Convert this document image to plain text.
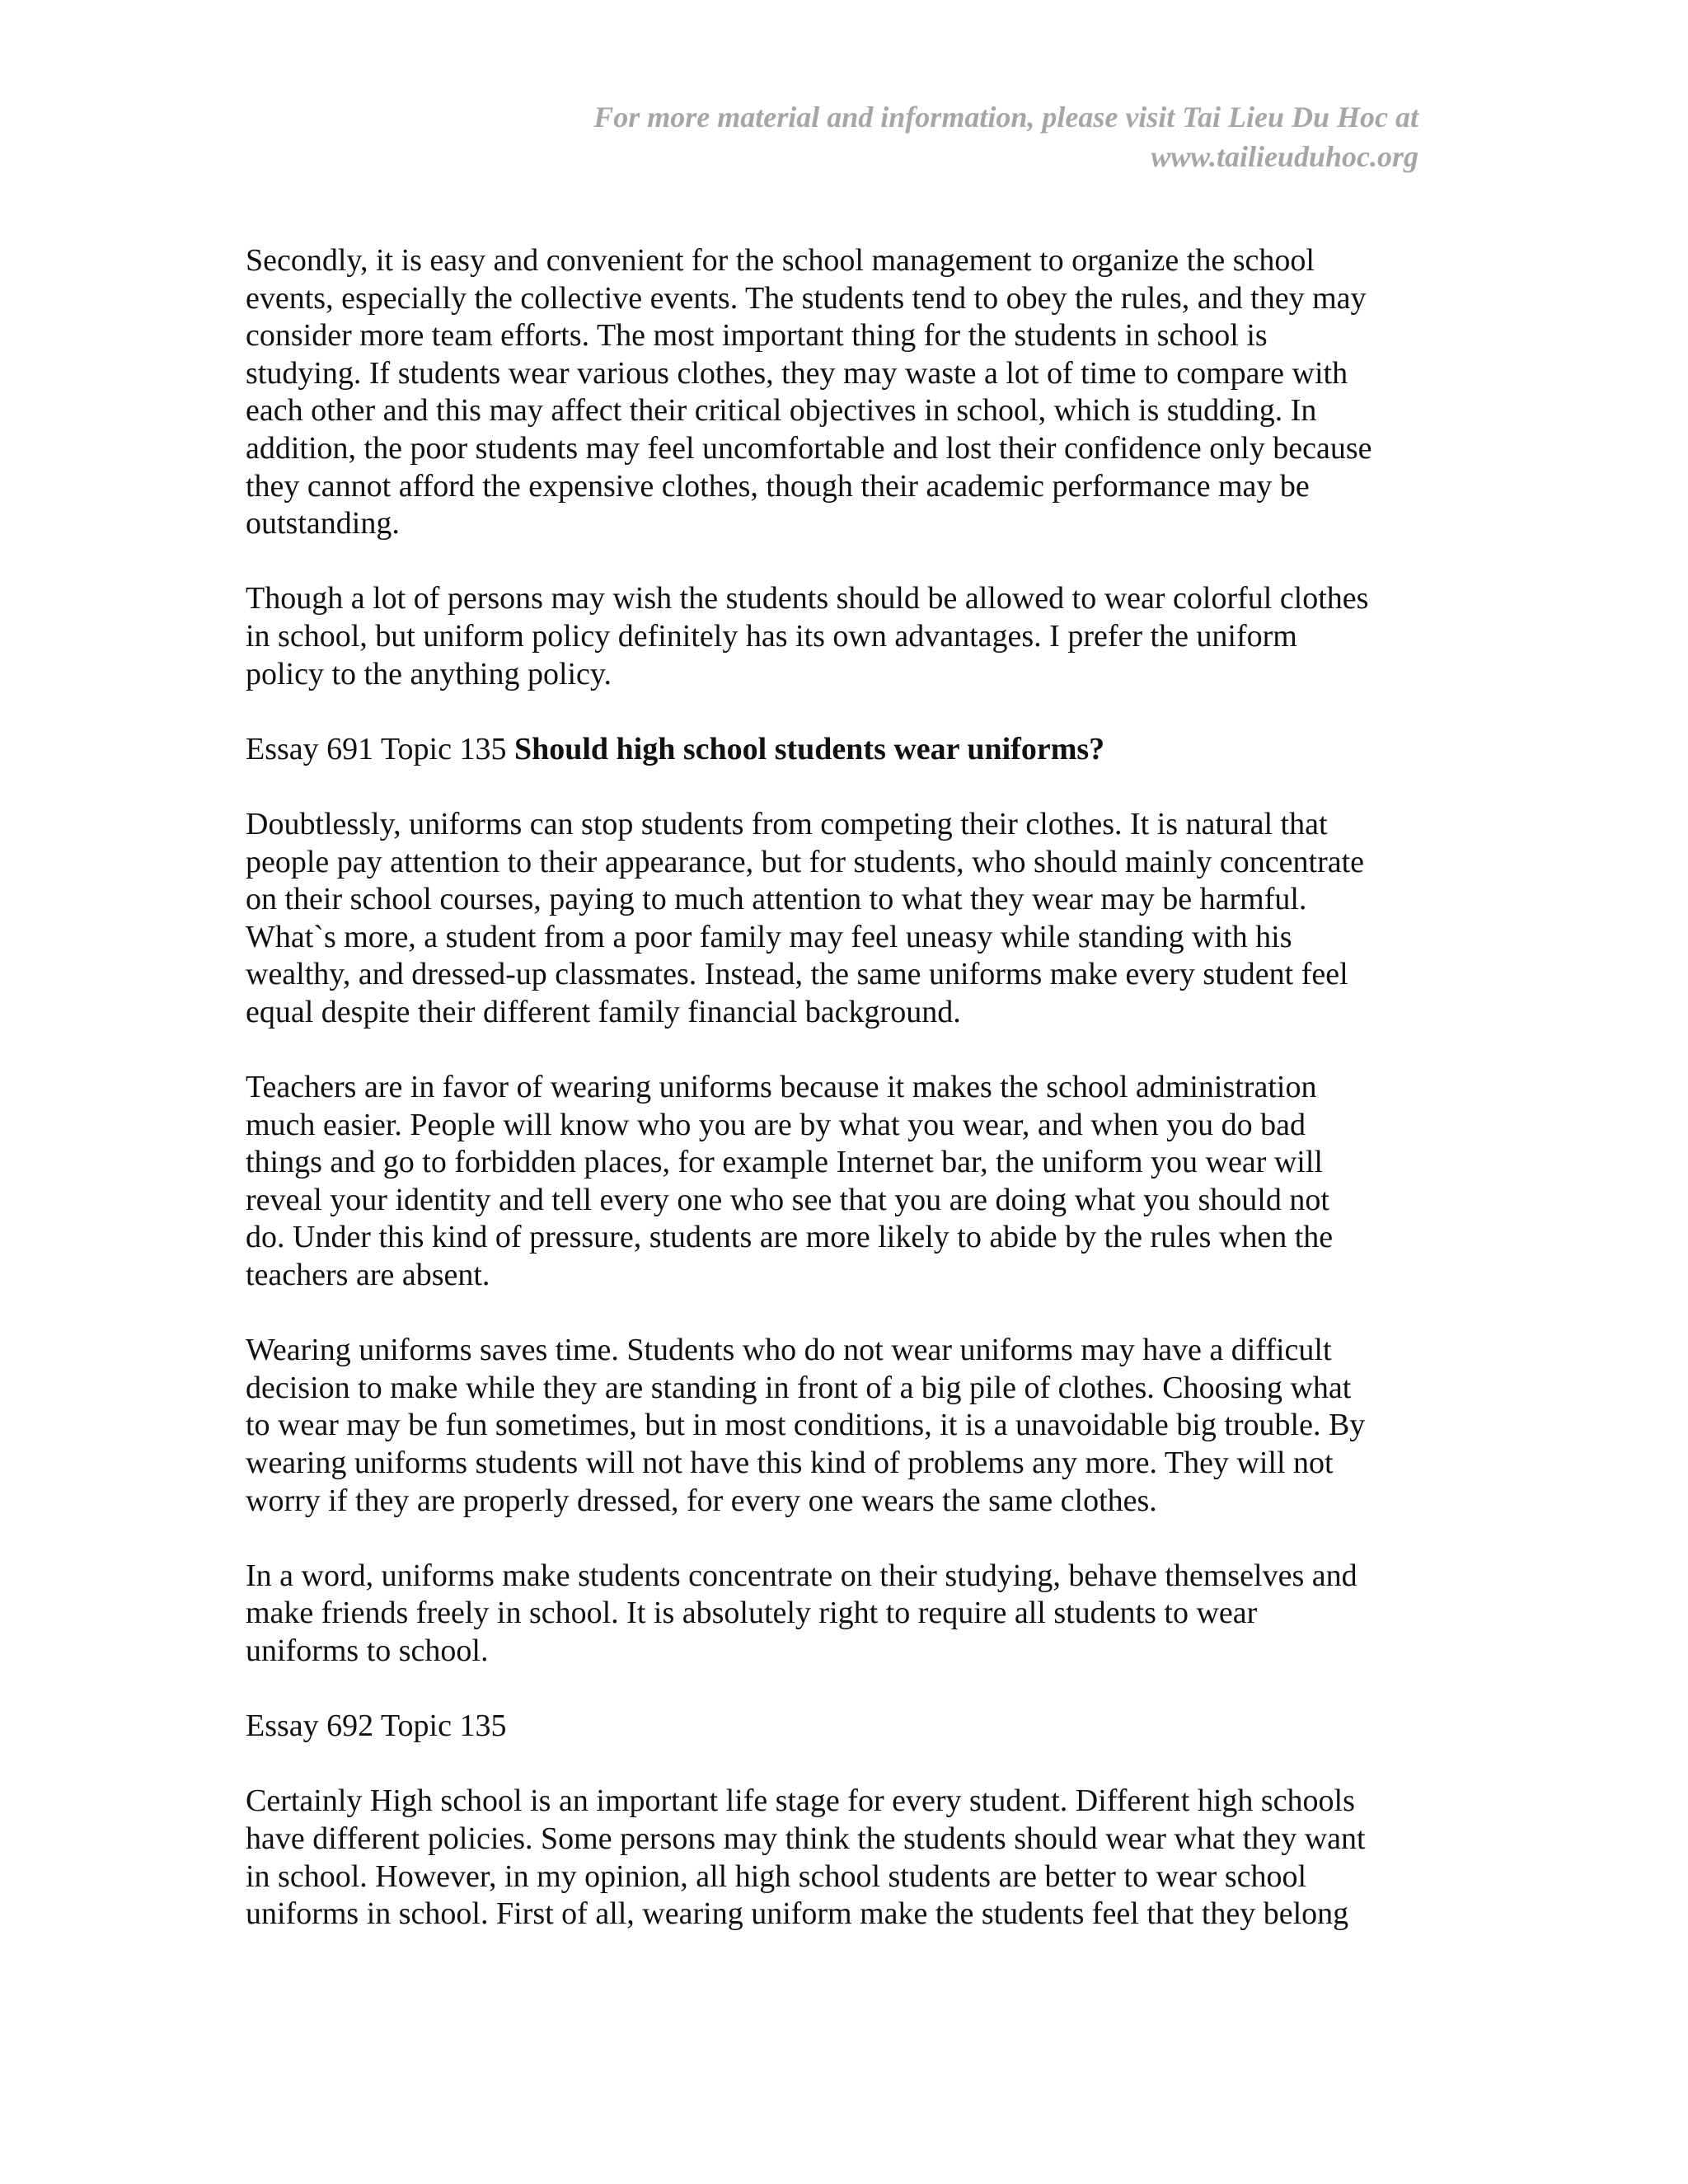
For more material and information, please visit Tai Lieu Du Hoc at
www.tailieuduhoc.org
Secondly, it is easy and convenient for the school management to organize the school
events, especially the collective events. The students tend to obey the rules, and they may
consider more team efforts. The most important thing for the students in school is
studying. If students wear various clothes, they may waste a lot of time to compare with
each other and this may affect their critical objectives in school, which is studding. In
addition, the poor students may feel uncomfortable and lost their confidence only because
they cannot afford the expensive clothes, though their academic performance may be
outstanding.
Though a lot of persons may wish the students should be allowed to wear colorful clothes
in school, but uniform policy definitely has its own advantages. I prefer the uniform
policy to the anything policy.
Essay 691 Topic 135 Should high school students wear uniforms?
Doubtlessly, uniforms can stop students from competing their clothes. It is natural that
people pay attention to their appearance, but for students, who should mainly concentrate
on their school courses, paying to much attention to what they wear may be harmful.
What`s more, a student from a poor family may feel uneasy while standing with his
wealthy, and dressed-up classmates. Instead, the same uniforms make every student feel
equal despite their different family financial background.
Teachers are in favor of wearing uniforms because it makes the school administration
much easier. People will know who you are by what you wear, and when you do bad
things and go to forbidden places, for example Internet bar, the uniform you wear will
reveal your identity and tell every one who see that you are doing what you should not
do. Under this kind of pressure, students are more likely to abide by the rules when the
teachers are absent.
Wearing uniforms saves time. Students who do not wear uniforms may have a difficult
decision to make while they are standing in front of a big pile of clothes. Choosing what
to wear may be fun sometimes, but in most conditions, it is a unavoidable big trouble. By
wearing uniforms students will not have this kind of problems any more. They will not
worry if they are properly dressed, for every one wears the same clothes.
In a word, uniforms make students concentrate on their studying, behave themselves and
make friends freely in school. It is absolutely right to require all students to wear
uniforms to school.
Essay 692 Topic 135
Certainly High school is an important life stage for every student. Different high schools
have different policies. Some persons may think the students should wear what they want
in school. However, in my opinion, all high school students are better to wear school
uniforms in school. First of all, wearing uniform make the students feel that they belong
